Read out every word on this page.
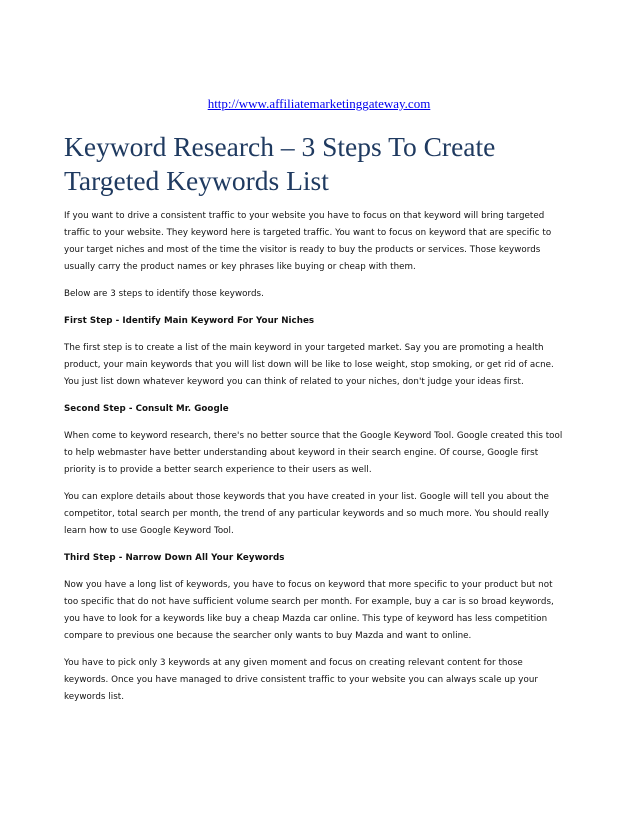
http://www.affiliatemarketinggateway.com
Keyword Research – 3 Steps To Create Targeted Keywords List

If you want to drive a consistent traffic to your website you have to focus on that keyword will bring targeted traffic to your website. They keyword here is targeted traffic. You want to focus on keyword that are specific to your target niches and most of the time the visitor is ready to buy the products or services. Those keywords usually carry the product names or key phrases like buying or cheap with them.

Below are 3 steps to identify those keywords.

First Step - Identify Main Keyword For Your Niches

The first step is to create a list of the main keyword in your targeted market. Say you are promoting a health product, your main keywords that you will list down will be like to lose weight, stop smoking, or get rid of acne. You just list down whatever keyword you can think of related to your niches, don't judge your ideas first.

Second Step - Consult Mr. Google

When come to keyword research, there's no better source that the Google Keyword Tool. Google created this tool to help webmaster have better understanding about keyword in their search engine. Of course, Google first priority is to provide a better search experience to their users as well.

You can explore details about those keywords that you have created in your list. Google will tell you about the competitor, total search per month, the trend of any particular keywords and so much more. You should really learn how to use Google Keyword Tool.

Third Step - Narrow Down All Your Keywords

Now you have a long list of keywords, you have to focus on keyword that more specific to your product but not too specific that do not have sufficient volume search per month. For example, buy a car is so broad keywords, you have to look for a keywords like buy a cheap Mazda car online. This type of keyword has less competition compare to previous one because the searcher only wants to buy Mazda and want to online.

You have to pick only 3 keywords at any given moment and focus on creating relevant content for those keywords. Once you have managed to drive consistent traffic to your website you can always scale up your keywords list.
